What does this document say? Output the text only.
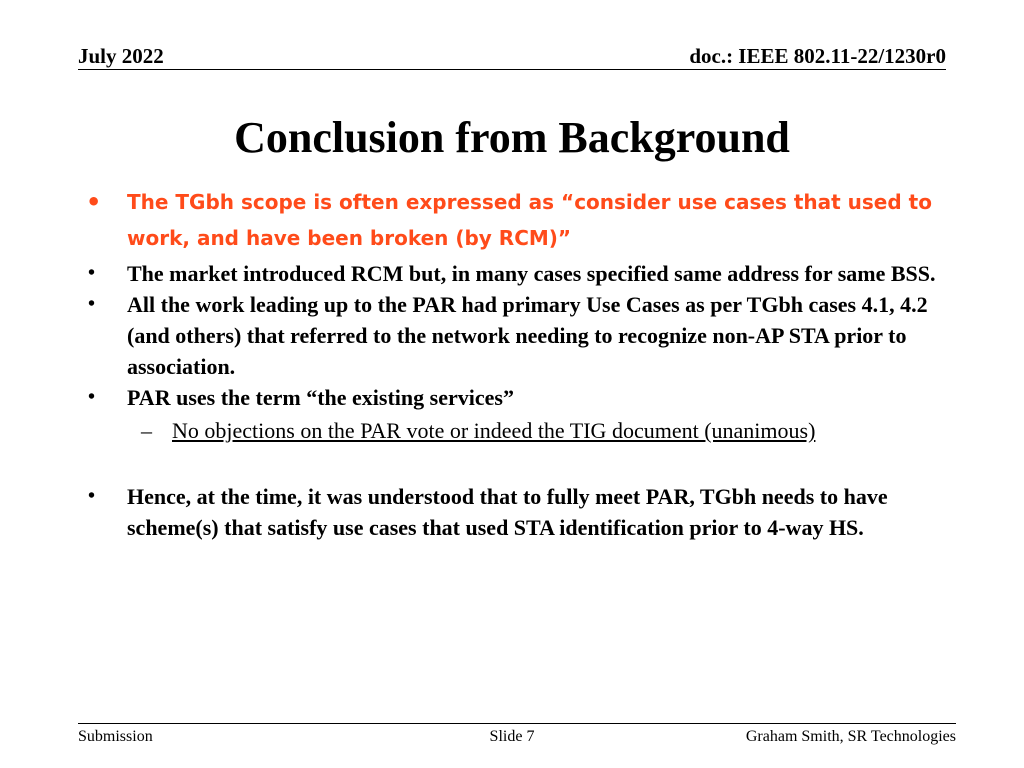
July 2022	doc.: IEEE 802.11-22/1230r0
Conclusion from Background
• The TGbh scope is often expressed as “consider use cases that used to work, and have been broken (by RCM)”
• The market introduced RCM but, in many cases specified same address for same BSS.
• All the work leading up to the PAR had primary Use Cases as per TGbh cases 4.1, 4.2 (and others) that referred to the network needing to recognize non-AP STA prior to association.
• PAR uses the term “the existing services”
– No objections on the PAR vote or indeed the TIG document (unanimous)
• Hence, at the time, it was understood that to fully meet PAR, TGbh needs to have scheme(s) that satisfy use cases that used STA identification prior to 4-way HS.
Submission	Slide 7	Graham Smith, SR Technologies
